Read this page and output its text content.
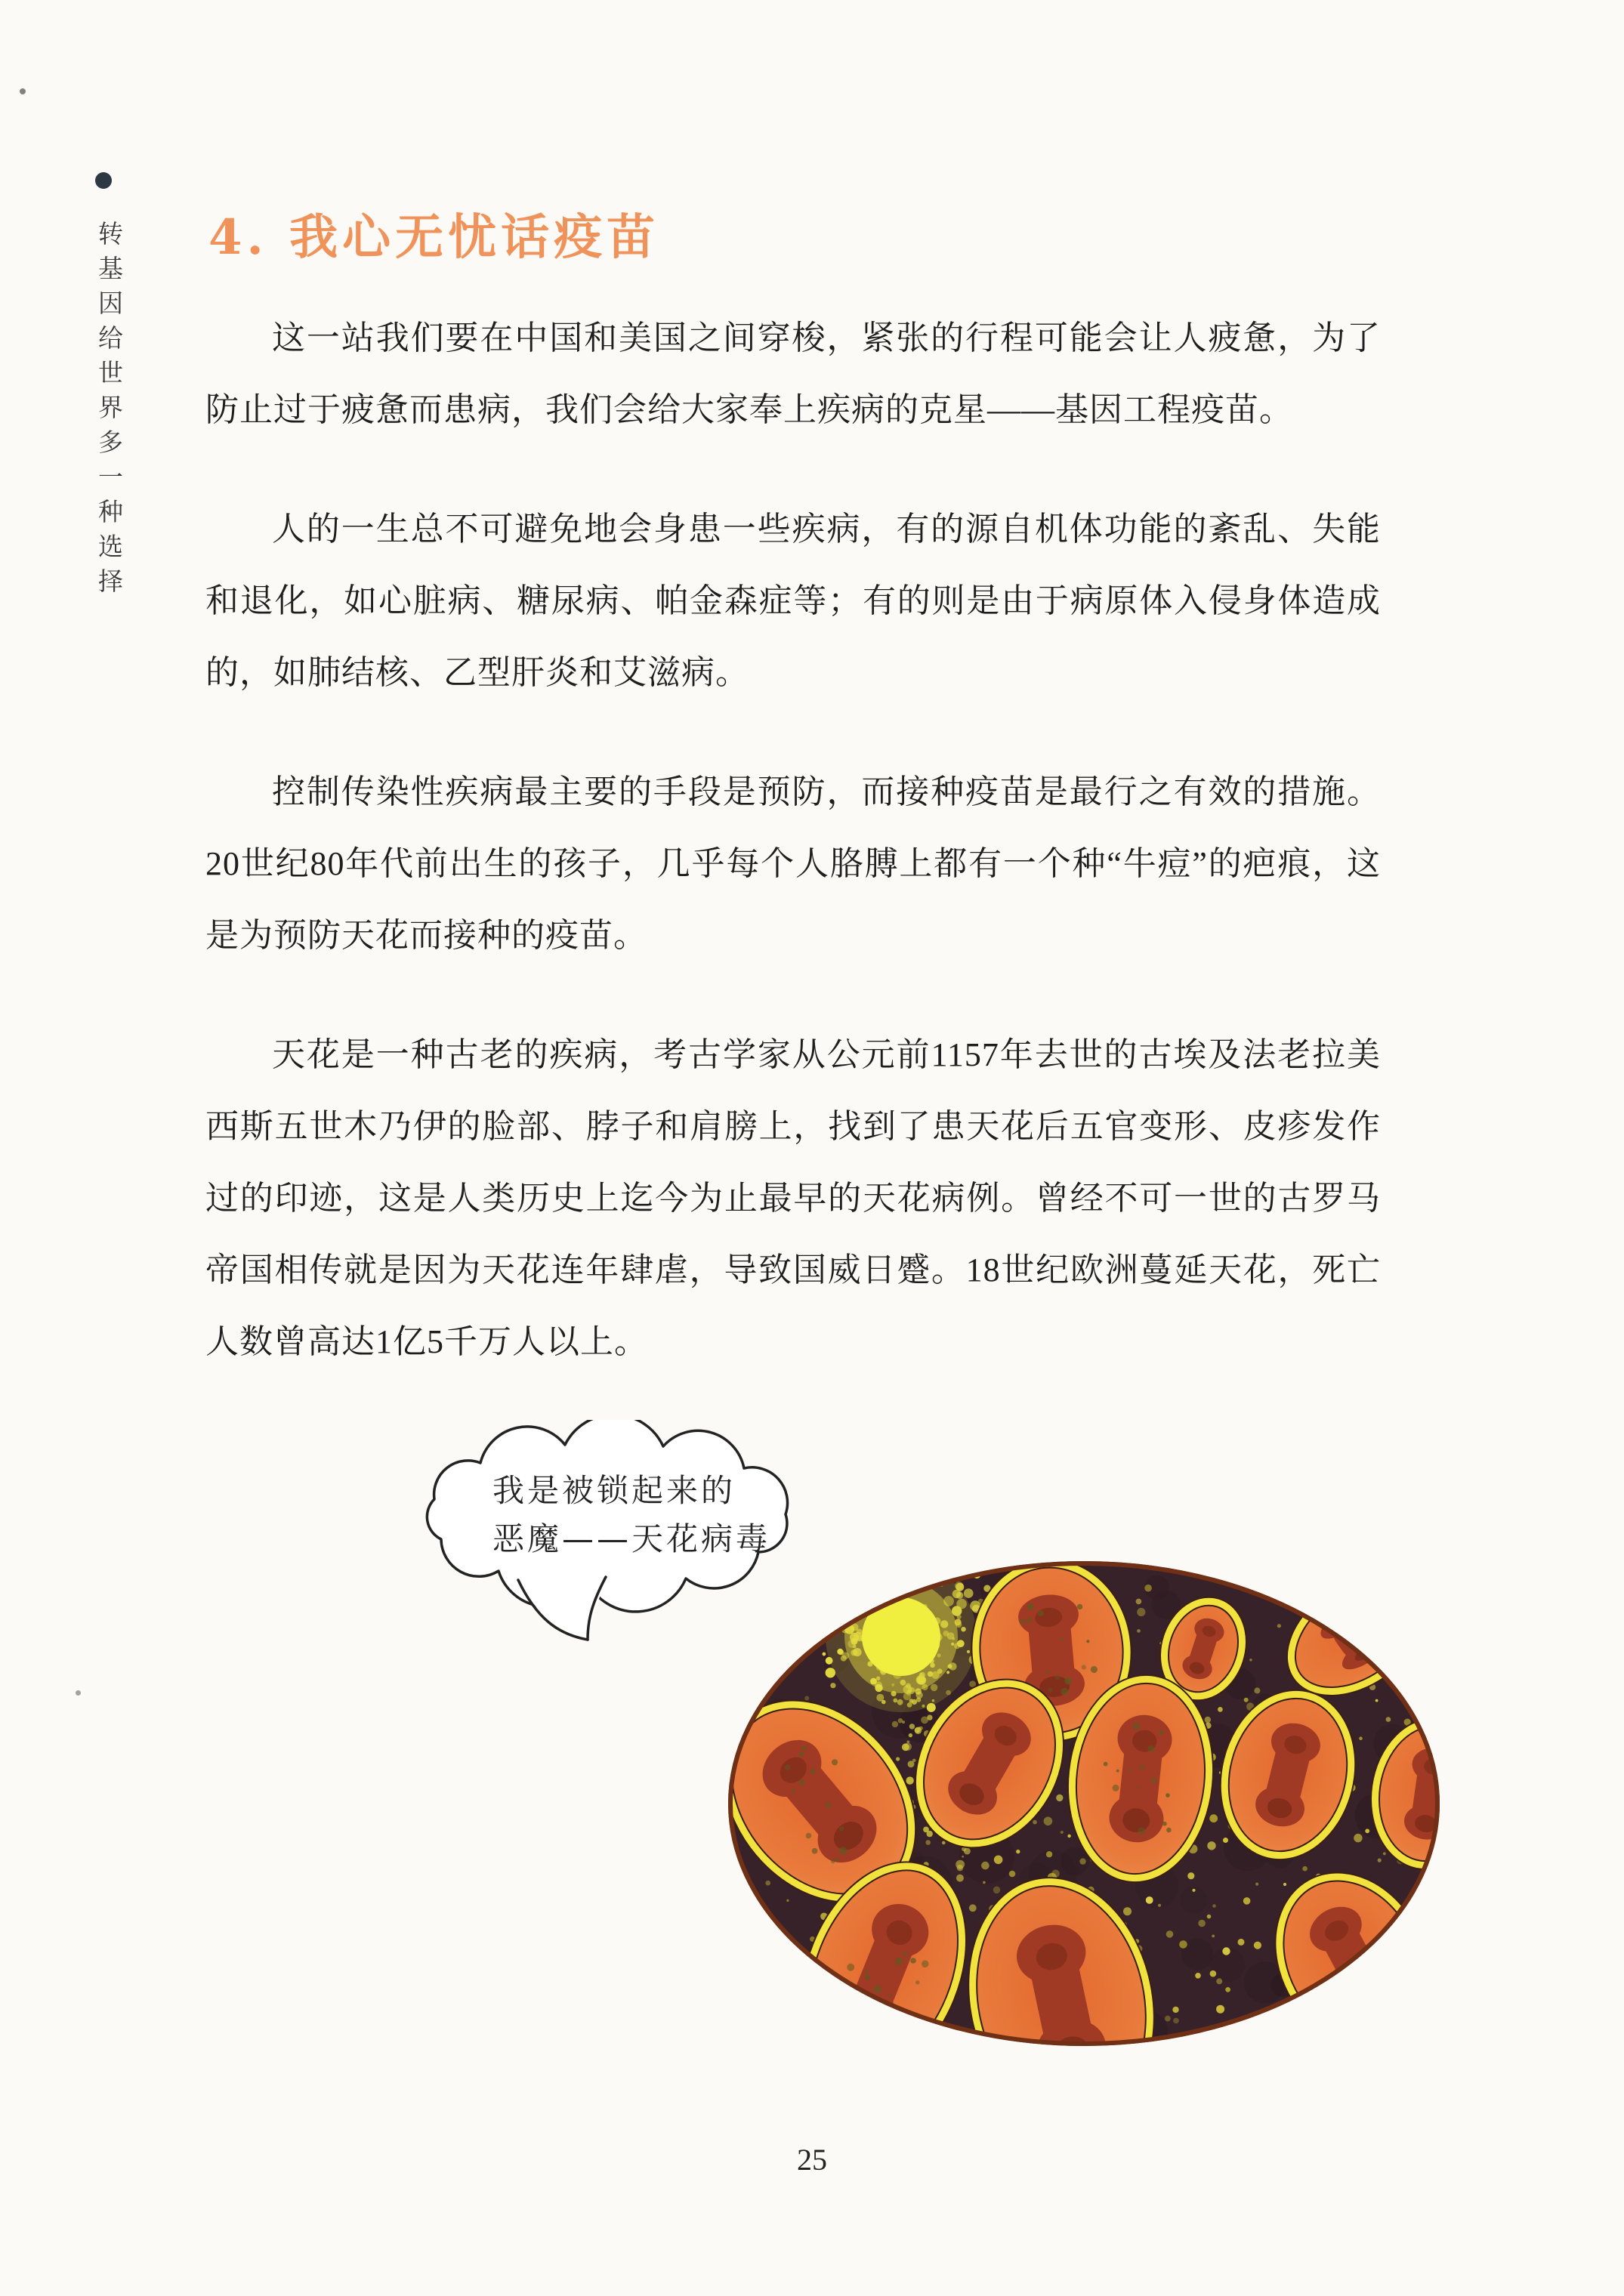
转基因给世界多一种选择 4. 我心无忧话疫苗

这一站我们要在中国和美国之间穿梭，紧张的行程可能会让人疲惫，为了防止过于疲惫而患病，我们会给大家奉上疾病的克星——基因工程疫苗。

人的一生总不可避免地会身患一些疾病，有的源自机体功能的紊乱、失能和退化，如心脏病、糖尿病、帕金森症等；有的则是由于病原体入侵身体造成的，如肺结核、乙型肝炎和艾滋病。

控制传染性疾病最主要的手段是预防，而接种疫苗是最行之有效的措施。20世纪80年代前出生的孩子，几乎每个人胳膊上都有一个种“牛痘”的疤痕，这是为预防天花而接种的疫苗。

天花是一种古老的疾病，考古学家从公元前1157年去世的古埃及法老拉美西斯五世木乃伊的脸部、脖子和肩膀上，找到了患天花后五官变形、皮疹发作过的印迹，这是人类历史上迄今为止最早的天花病例。曾经不可一世的古罗马帝国相传就是因为天花连年肆虐，导致国威日蹙。18世纪欧洲蔓延天花，死亡人数曾高达1亿5千万人以上。

我是被锁起来的
恶魔——天花病毒
25
